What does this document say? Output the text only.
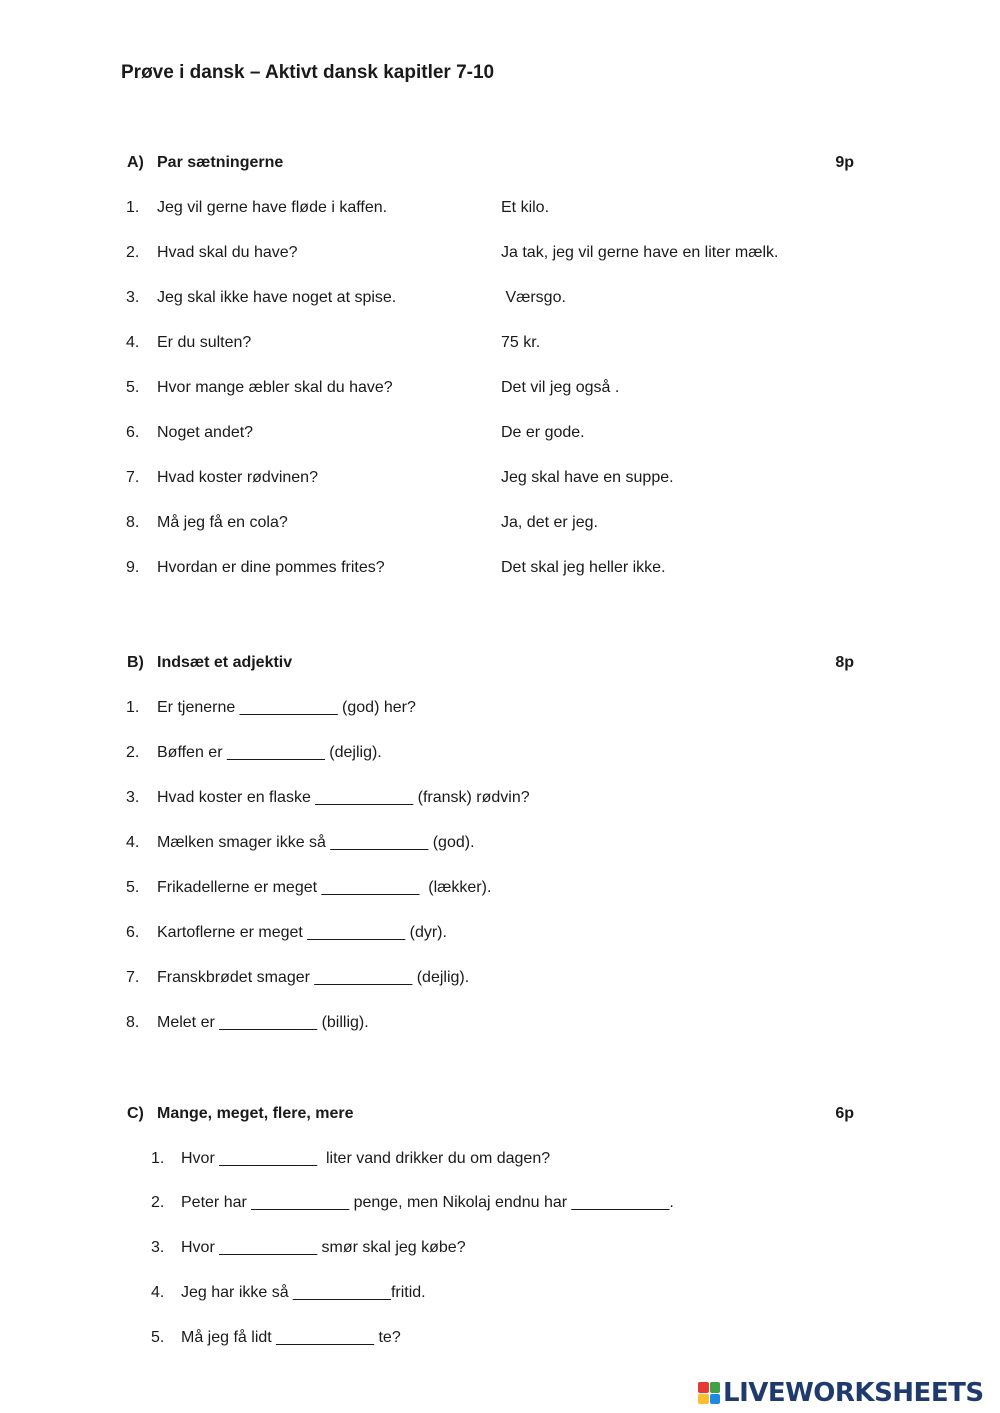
Prøve i dansk – Aktivt dansk kapitler 7-10
A) Par sætningerne	9p
1. Jeg vil gerne have fløde i kaffen.	Et kilo.
2. Hvad skal du have?	Ja tak, jeg vil gerne have en liter mælk.
3. Jeg skal ikke have noget at spise.	Værsgo.
4. Er du sulten?	75 kr.
5. Hvor mange æbler skal du have?	Det vil jeg også .
6. Noget andet?	De er gode.
7. Hvad koster rødvinen?	Jeg skal have en suppe.
8. Må jeg få en cola?	Ja, det er jeg.
9. Hvordan er dine pommes frites?	Det skal jeg heller ikke.
B) Indsæt et adjektiv	8p
1. Er tjenerne ___________ (god) her?
2. Bøffen er ___________ (dejlig).
3. Hvad koster en flaske ___________ (fransk) rødvin?
4. Mælken smager ikke så ___________ (god).
5. Frikadellerne er meget ___________  (lækker).
6. Kartoflerne er meget ___________ (dyr).
7. Franskbrødet smager ___________ (dejlig).
8. Melet er ___________ (billig).
C) Mange, meget, flere, mere	6p
1. Hvor ___________  liter vand drikker du om dagen?
2. Peter har ___________ penge, men Nikolaj endnu har ___________.
3. Hvor ___________ smør skal jeg købe?
4. Jeg har ikke så ___________fritid.
5. Må jeg få lidt ___________ te?
LIVEWORKSHEETS
